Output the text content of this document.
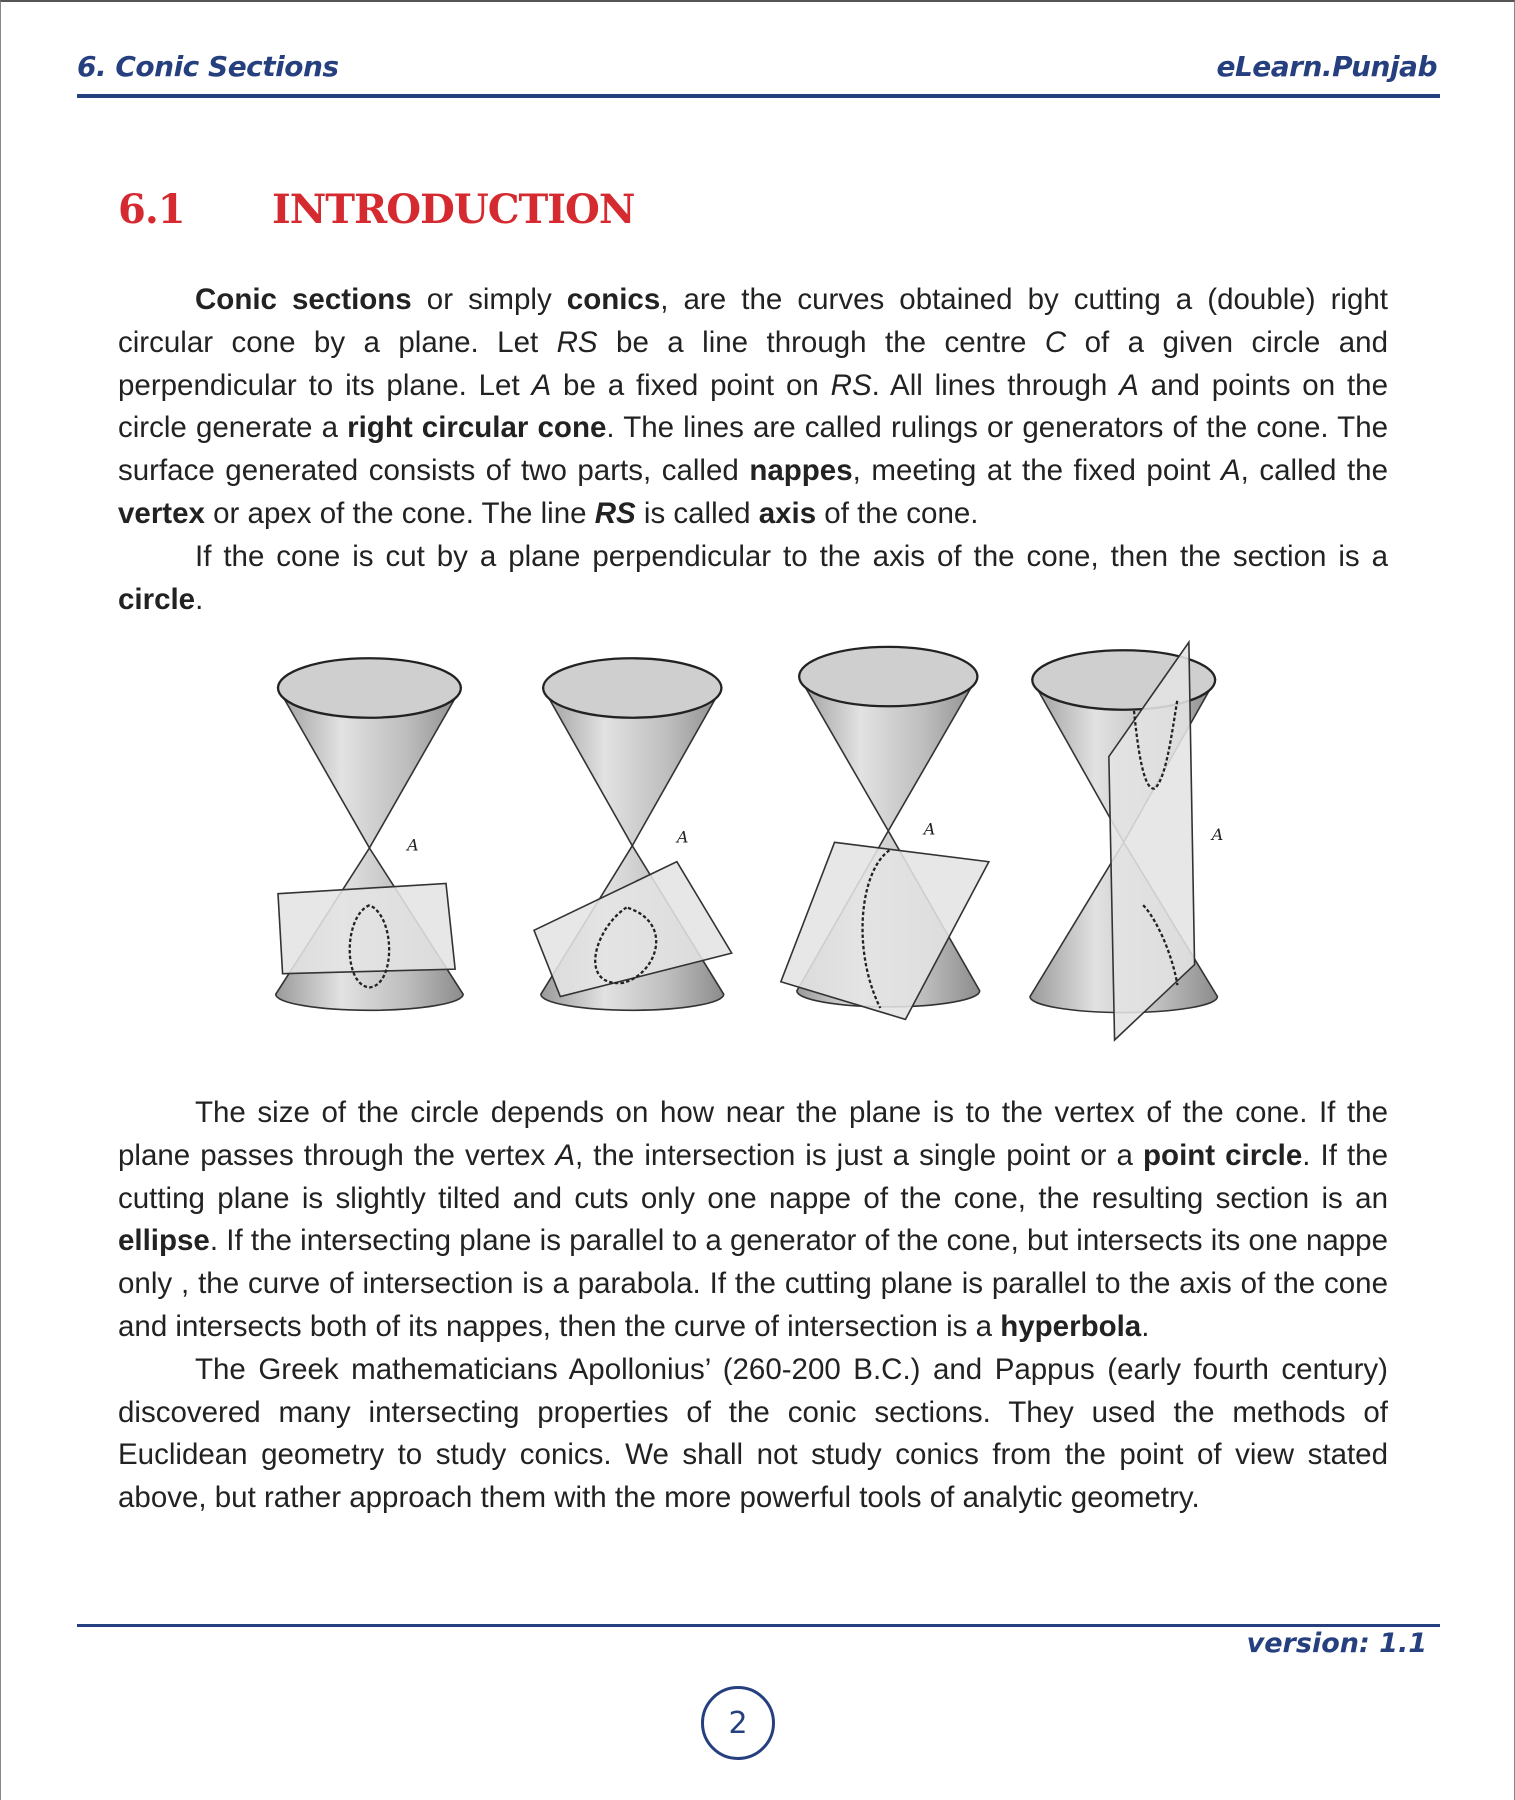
6. Conic Sections	eLearn.Punjab
6.1 INTRODUCTION

Conic sections or simply conics, are the curves obtained by cutting a (double) right circular cone by a plane. Let RS be a line through the centre C of a given circle and perpendicular to its plane. Let A be a fixed point on RS. All lines through A and points on the circle generate a right circular cone. The lines are called rulings or generators of the cone. The surface generated consists of two parts, called nappes, meeting at the fixed point A, called the vertex or apex of the cone. The line RS is called axis of the cone.

If the cone is cut by a plane perpendicular to the axis of the cone, then the section is a circle.

A	A	A	A

The size of the circle depends on how near the plane is to the vertex of the cone. If the plane passes through the vertex A, the intersection is just a single point or a point circle. If the cutting plane is slightly tilted and cuts only one nappe of the cone, the resulting section is an ellipse. If the intersecting plane is parallel to a generator of the cone, but intersects its one nappe only , the curve of intersection is a parabola. If the cutting plane is parallel to the axis of the cone and intersects both of its nappes, then the curve of intersection is a hyperbola.

The Greek mathematicians Apollonius’ (260-200 B.C.) and Pappus (early fourth century) discovered many intersecting properties of the conic sections. They used the methods of Euclidean geometry to study conics. We shall not study conics from the point of view stated above, but rather approach them with the more powerful tools of analytic geometry.

version: 1.1
2
